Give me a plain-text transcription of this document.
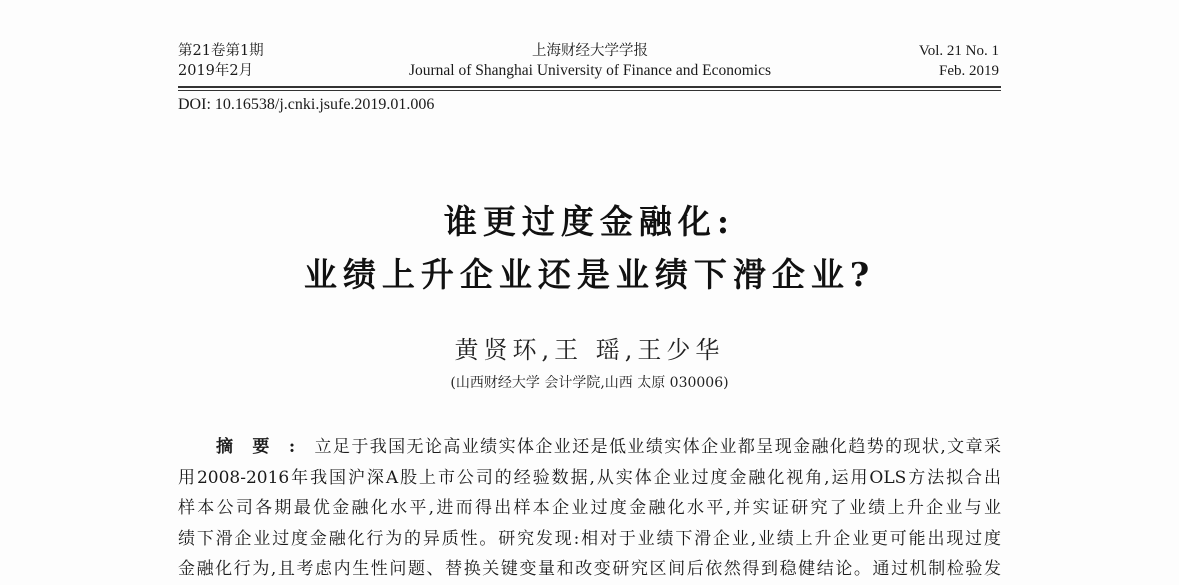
第21卷第1期
2019年2月
上海财经大学学报
Journal of Shanghai University of Finance and Economics
Vol. 21 No. 1
Feb. 2019
DOI: 10.16538/j.cnki.jsufe.2019.01.006
谁更过度金融化:
业绩上升企业还是业绩下滑企业?
黄贤环,王 瑶,王少华
(山西财经大学 会计学院,山西 太原 030006)
摘要:立足于我国无论高业绩实体企业还是低业绩实体企业都呈现金融化趋势的现状,文章采
用2008-2016年我国沪深A股上市公司的经验数据,从实体企业过度金融化视角,运用OLS方法拟合出
样本公司各期最优金融化水平,进而得出样本企业过度金融化水平,并实证研究了业绩上升企业与业
绩下滑企业过度金融化行为的异质性。研究发现:相对于业绩下滑企业,业绩上升企业更可能出现过度
金融化行为,且考虑内生性问题、替换关键变量和改变研究区间后依然得到稳健结论。通过机制检验发
